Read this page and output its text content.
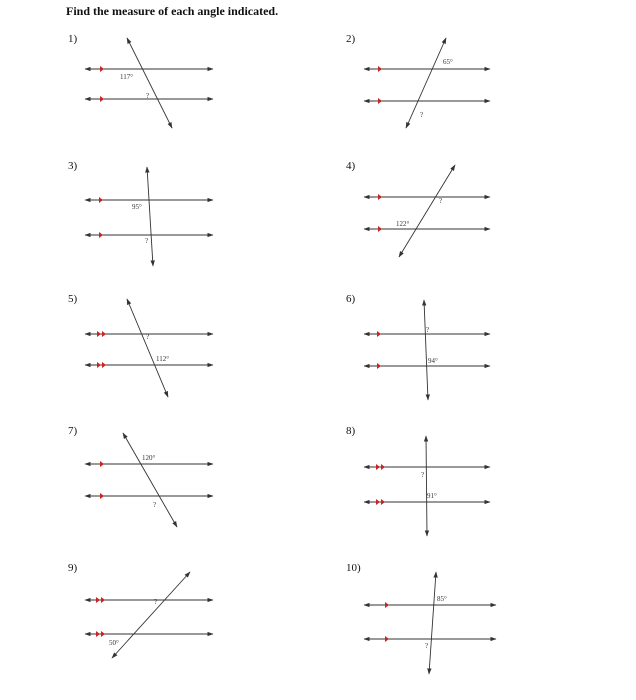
Find the measure of each angle indicated.
1)	2)
3)	4)
5)	6)
7)	8)
9)	10)
117°
?
65°
?
95°
?
?
122°
?
112°
?
94°
120°
?
?
91°
?
50°
85°
?
